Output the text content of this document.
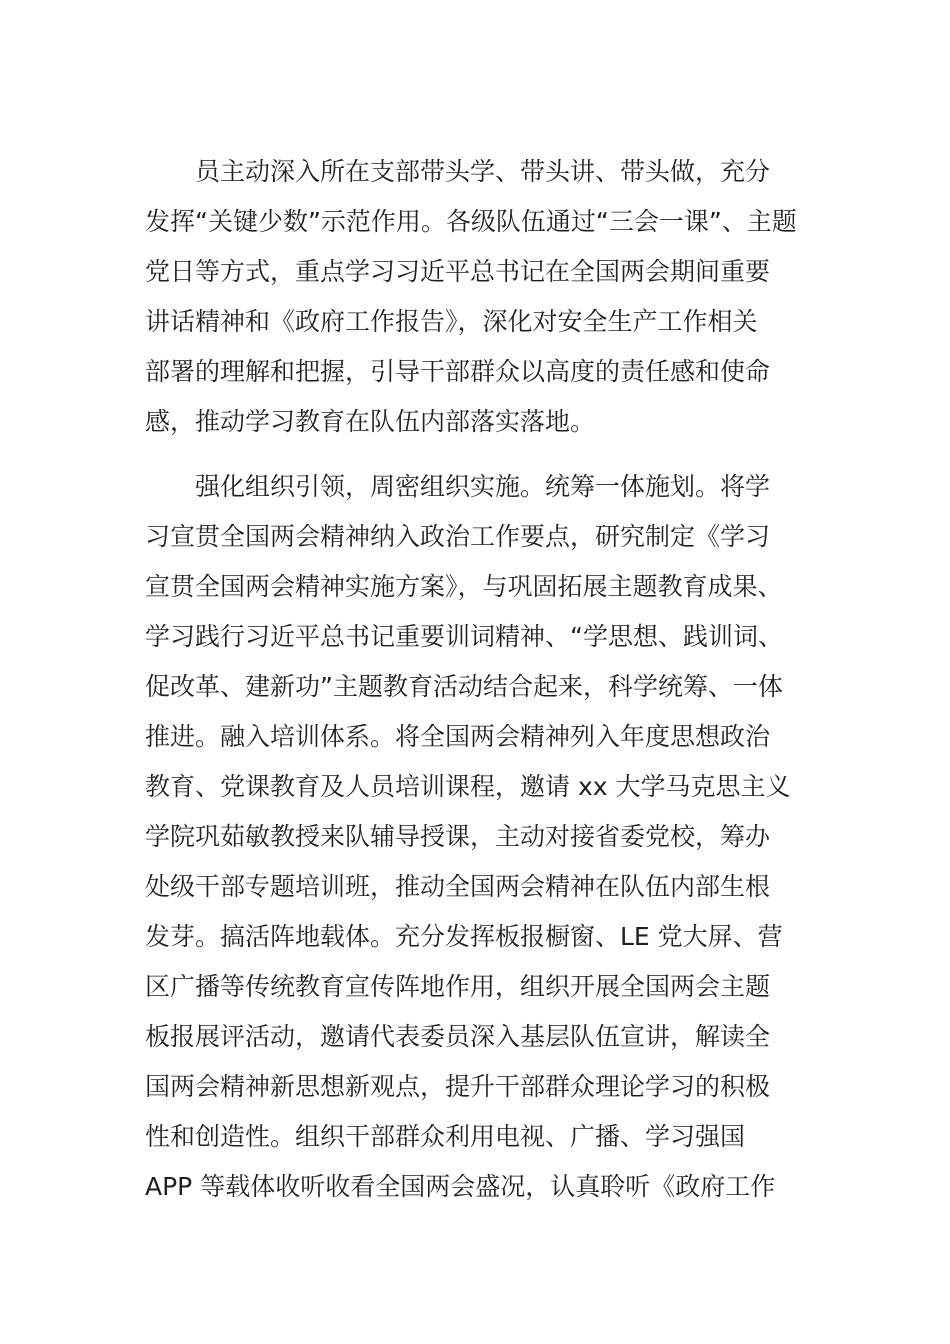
员主动深入所在支部带头学、带头讲、带头做，充分
发挥“关键少数”示范作用。各级队伍通过“三会一课”、主题
党日等方式，重点学习习近平总书记在全国两会期间重要
讲话精神和《政府工作报告》，深化对安全生产工作相关
部署的理解和把握，引导干部群众以高度的责任感和使命
感，推动学习教育在队伍内部落实落地。
强化组织引领，周密组织实施。统筹一体施划。将学
习宣贯全国两会精神纳入政治工作要点，研究制定《学习
宣贯全国两会精神实施方案》，与巩固拓展主题教育成果、
学习践行习近平总书记重要训词精神、“学思想、践训词、
促改革、建新功”主题教育活动结合起来，科学统筹、一体
推进。融入培训体系。将全国两会精神列入年度思想政治
教育、党课教育及人员培训课程，邀请 xx 大学马克思主义
学院巩茹敏教授来队辅导授课，主动对接省委党校，筹办
处级干部专题培训班，推动全国两会精神在队伍内部生根
发芽。搞活阵地载体。充分发挥板报橱窗、LE 党大屏、营
区广播等传统教育宣传阵地作用，组织开展全国两会主题
板报展评活动，邀请代表委员深入基层队伍宣讲，解读全
国两会精神新思想新观点，提升干部群众理论学习的积极
性和创造性。组织干部群众利用电视、广播、学习强国
APP 等载体收听收看全国两会盛况，认真聆听《政府工作
